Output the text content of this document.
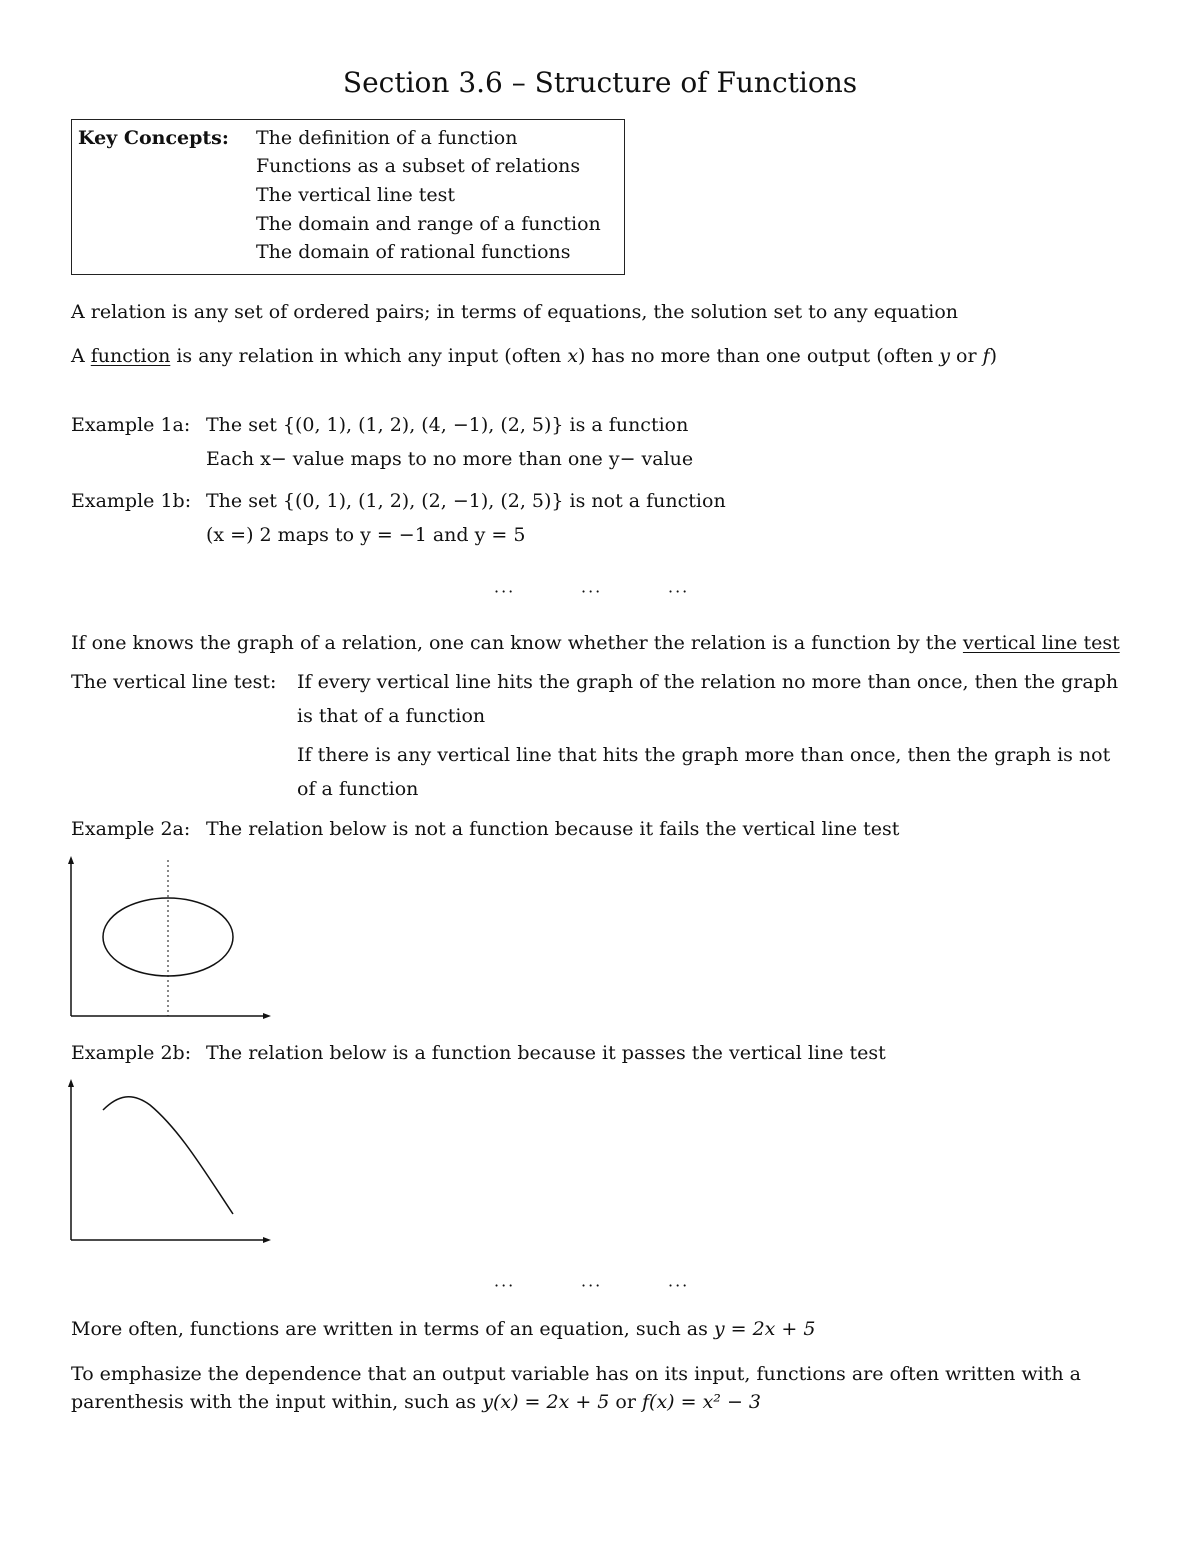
Section 3.6 – Structure of Functions
Key Concepts: The definition of a function
Functions as a subset of relations
The vertical line test
The domain and range of a function
The domain of rational functions
A relation is any set of ordered pairs; in terms of equations, the solution set to any equation
A function is any relation in which any input (often x) has no more than one output (often y or f)
Example 1a: The set {(0, 1), (1, 2), (4, −1), (2, 5)} is a function
Each x− value maps to no more than one y− value
Example 1b: The set {(0, 1), (1, 2), (2, −1), (2, 5)} is not a function
(x =) 2 maps to y = −1 and y = 5
···	···	···
If one knows the graph of a relation, one can know whether the relation is a function by the vertical line test
The vertical line test: If every vertical line hits the graph of the relation no more than once, then the graph
is that of a function
If there is any vertical line that hits the graph more than once, then the graph is not
of a function
Example 2a: The relation below is not a function because it fails the vertical line test
Example 2b: The relation below is a function because it passes the vertical line test
···	···	···
More often, functions are written in terms of an equation, such as y = 2x + 5
To emphasize the dependence that an output variable has on its input, functions are often written with a
parenthesis with the input within, such as y(x) = 2x + 5 or f(x) = x² − 3
